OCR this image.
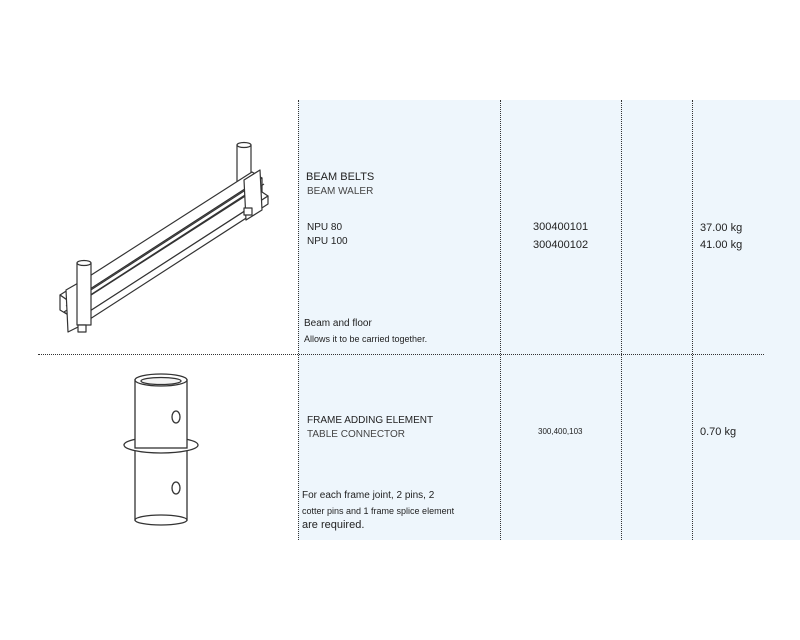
BEAM BELTS
BEAM WALER
NPU 80
NPU 100
300400101
300400102
37.00 kg
41.00 kg
Beam and floor
Allows it to be carried together.
FRAME ADDING ELEMENT
TABLE CONNECTOR	300,400,103	0.70 kg
For each frame joint, 2 pins, 2
cotter pins and 1 frame splice element
are required.
